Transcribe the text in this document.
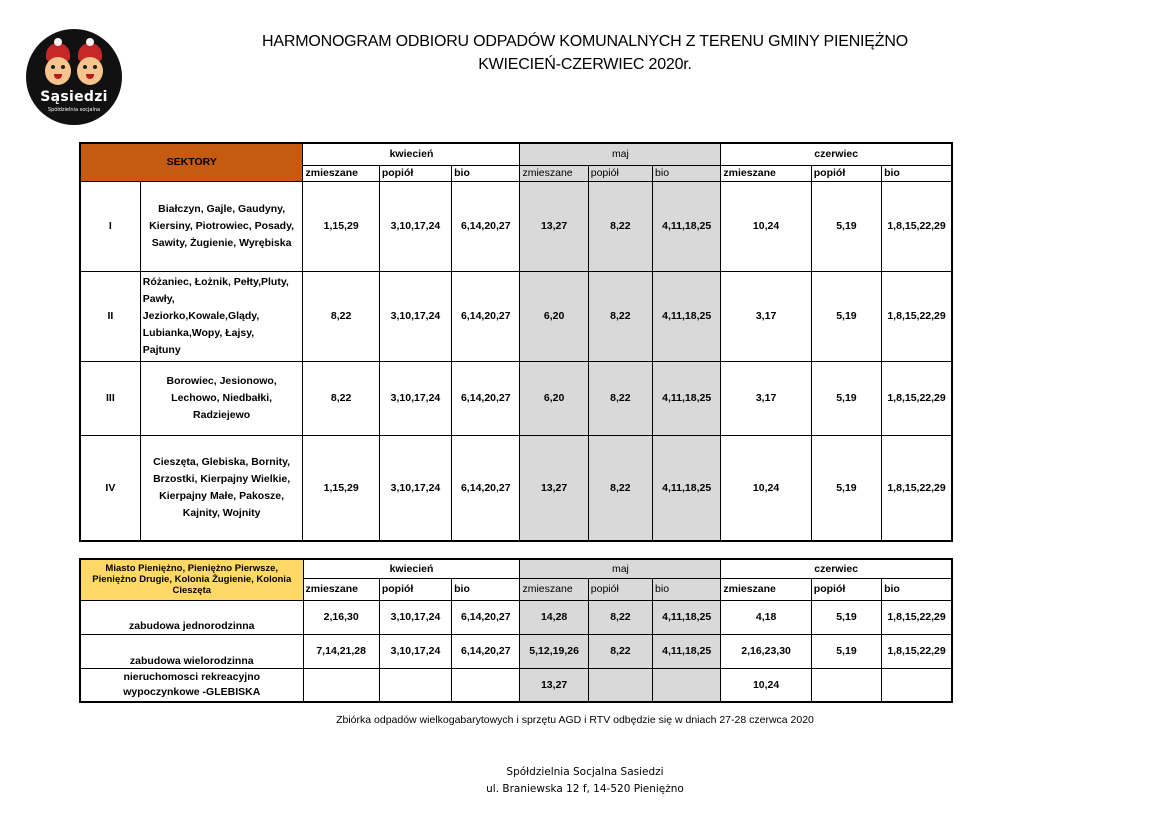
Sąsiedzi
Spółdzielnia socjalna
HARMONOGRAM ODBIORU ODPADÓW KOMUNALNYCH Z TERENU GMINY PIENIĘŻNO
KWIECIEŃ-CZERWIEC 2020r.
SEKTORY		kwiecień			maj			czerwiec		
		zmieszane	popiół	bio	zmieszane	popiół	bio	zmieszane	popiół	bio
I	Białczyn, Gajle, Gaudyny,
Kiersiny, Piotrowiec, Posady,
Sawity, Żugienie, Wyrębiska	1,15,29	3,10,17,24	6,14,20,27	13,27	8,22	4,11,18,25	10,24	5,19	1,8,15,22,29
II	Różaniec, Łożnik, Pełty,Pluty,
Pawły,
Jeziorko,Kowale,Glądy,
Lubianka,Wopy, Łajsy,
Pajtuny	8,22	3,10,17,24	6,14,20,27	6,20	8,22	4,11,18,25	3,17	5,19	1,8,15,22,29
III	Borowiec, Jesionowo,
Lechowo, Niedbałki,
Radziejewo	8,22	3,10,17,24	6,14,20,27	6,20	8,22	4,11,18,25	3,17	5,19	1,8,15,22,29
IV	Cieszęta, Glebiska, Bornity,
Brzostki, Kierpajny Wielkie,
Kierpajny Małe, Pakosze,
Kajnity, Wojnity	1,15,29	3,10,17,24	6,14,20,27	13,27	8,22	4,11,18,25	10,24	5,19	1,8,15,22,29
Miasto Pieniężno, Pieniężno Pierwsze, Pieniężno Drugie, Kolonia Żugienie, Kolonia Cieszęta	kwiecień			maj			czerwiec		
	zmieszane	popiół	bio	zmieszane	popiół	bio	zmieszane	popiół	bio
zabudowa jednorodzinna	2,16,30	3,10,17,24	6,14,20,27	14,28	8,22	4,11,18,25	4,18	5,19	1,8,15,22,29
zabudowa wielorodzinna	7,14,21,28	3,10,17,24	6,14,20,27	5,12,19,26	8,22	4,11,18,25	2,16,23,30	5,19	1,8,15,22,29
nieruchomosci rekreacyjno wypoczynkowe -GLEBISKA				13,27			10,24		
Zbiórka odpadów wielkogabarytowych i sprzętu AGD i RTV odbędzie się w dniach 27-28 czerwca 2020
Spółdzielnia Socjalna Sasiedzi
ul. Braniewska 12 f, 14-520 Pieniężno
